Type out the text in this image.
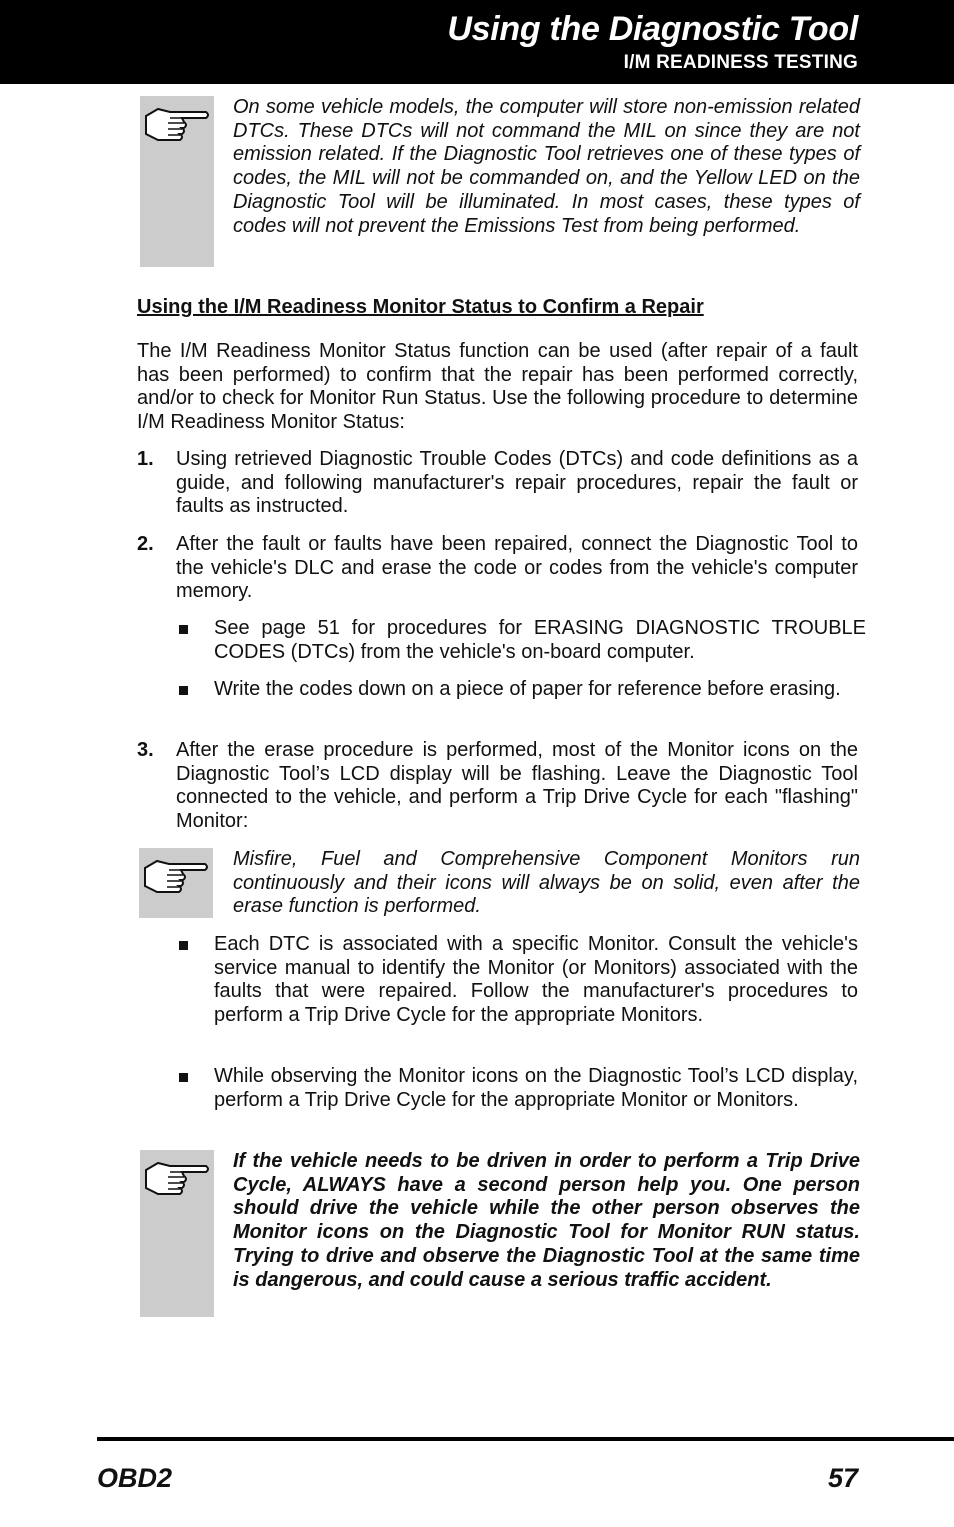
Using the Diagnostic Tool
I/M READINESS TESTING
On some vehicle models, the computer will store non-emission related DTCs. These DTCs will not command the MIL on since they are not emission related. If the Diagnostic Tool retrieves one of these types of codes, the MIL will not be commanded on, and the Yellow LED on the Diagnostic Tool will be illuminated. In most cases, these types of codes will not prevent the Emissions Test from being performed.
Using the I/M Readiness Monitor Status to Confirm a Repair
The I/M Readiness Monitor Status function can be used (after repair of a fault has been performed) to confirm that the repair has been performed correctly, and/or to check for Monitor Run Status. Use the following procedure to determine I/M Readiness Monitor Status:
1. Using retrieved Diagnostic Trouble Codes (DTCs) and code definitions as a guide, and following manufacturer's repair procedures, repair the fault or faults as instructed.
2. After the fault or faults have been repaired, connect the Diagnostic Tool to the vehicle's DLC and erase the code or codes from the vehicle's computer memory.
See page 51 for procedures for ERASING DIAGNOSTIC TROUBLE CODES (DTCs) from the vehicle's on-board computer.
Write the codes down on a piece of paper for reference before erasing.
3. After the erase procedure is performed, most of the Monitor icons on the Diagnostic Tool’s LCD display will be flashing. Leave the Diagnostic Tool connected to the vehicle, and perform a Trip Drive Cycle for each "flashing" Monitor:
Misfire, Fuel and Comprehensive Component Monitors run continuously and their icons will always be on solid, even after the erase function is performed.
Each DTC is associated with a specific Monitor. Consult the vehicle's service manual to identify the Monitor (or Monitors) associated with the faults that were repaired. Follow the manufacturer's procedures to perform a Trip Drive Cycle for the appropriate Monitors.
While observing the Monitor icons on the Diagnostic Tool’s LCD display, perform a Trip Drive Cycle for the appropriate Monitor or Monitors.
If the vehicle needs to be driven in order to perform a Trip Drive Cycle, ALWAYS have a second person help you. One person should drive the vehicle while the other person observes the Monitor icons on the Diagnostic Tool for Monitor RUN status. Trying to drive and observe the Diagnostic Tool at the same time is dangerous, and could cause a serious traffic accident.
OBD2	57
